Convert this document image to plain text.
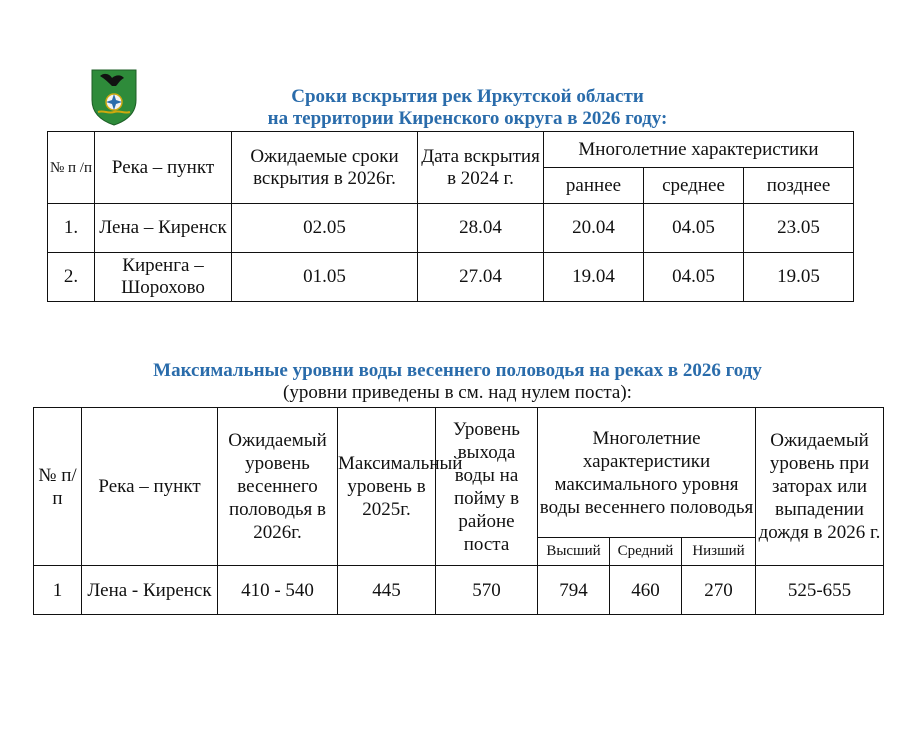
Сроки вскрытия рек Иркутской области
на территории Киренского округа в 2026 году:
№ п /п	Река – пункт	Ожидаемые сроки вскрытия в 2026г.	Дата вскрытия в 2024 г.	Многолетние характеристики		
				раннее	среднее	позднее
1.	Лена – Киренск	02.05	28.04	20.04	04.05	23.05
2.	Киренга – Шорохово	01.05	27.04	19.04	04.05	19.05
Максимальные уровни воды весеннего половодья на реках в 2026 году
(уровни приведены в см. над нулем поста):
№ п/п	Река – пункт	Ожидаемый уровень весеннего половодья в 2026г.	Максимальный уровень в 2025г.	Уровень выхода воды на пойму в районе поста	Многолетние характеристики максимального уровня воды весеннего половодья			Ожидаемый уровень при заторах или выпадении дождя в 2026 г.
					Высший	Средний	Низший	
1	Лена - Киренск	410 - 540	445	570	794	460	270	525-655
